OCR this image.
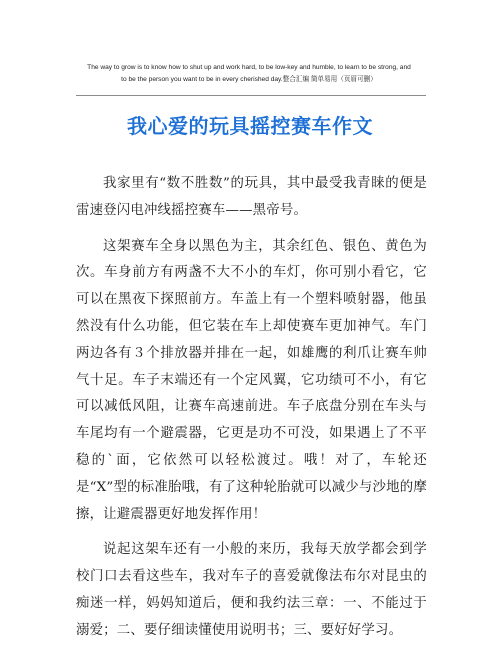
The way to grow is to know how to shut up and work hard, to be low-key and humble, to learn to be strong, and
to be the person you want to be in every cherished day.整合汇编 简单易用（页眉可删）
我心爱的玩具摇控赛车作文

我家里有“数不胜数”的玩具，其中最受我青睐的便是雷速登闪电冲线摇控赛车——黑帝号。

这架赛车全身以黑色为主，其余红色、银色、黄色为次。车身前方有两盏不大不小的车灯，你可别小看它，它可以在黑夜下探照前方。车盖上有一个塑料喷射器，他虽然没有什么功能，但它装在车上却使赛车更加神气。车门两边各有３个排放器并排在一起，如雄鹰的利爪让赛车帅气十足。车子末端还有一个定风翼，它功绩可不小，有它可以减低风阻，让赛车高速前进。车子底盘分别在车头与车尾均有一个避震器，它更是功不可没，如果遇上了不平稳的`面，它依然可以轻松渡过。哦！对了，车轮还是“X”型的标准胎哦，有了这种轮胎就可以减少与沙地的摩擦，让避震器更好地发挥作用！

说起这架车还有一小般的来历，我每天放学都会到学校门口去看这些车，我对车子的喜爱就像法布尔对昆虫的痴迷一样，妈妈知道后，便和我约法三章：一、不能过于溺爱；二、要仔细读懂使用说明书；三、要好好学习。
